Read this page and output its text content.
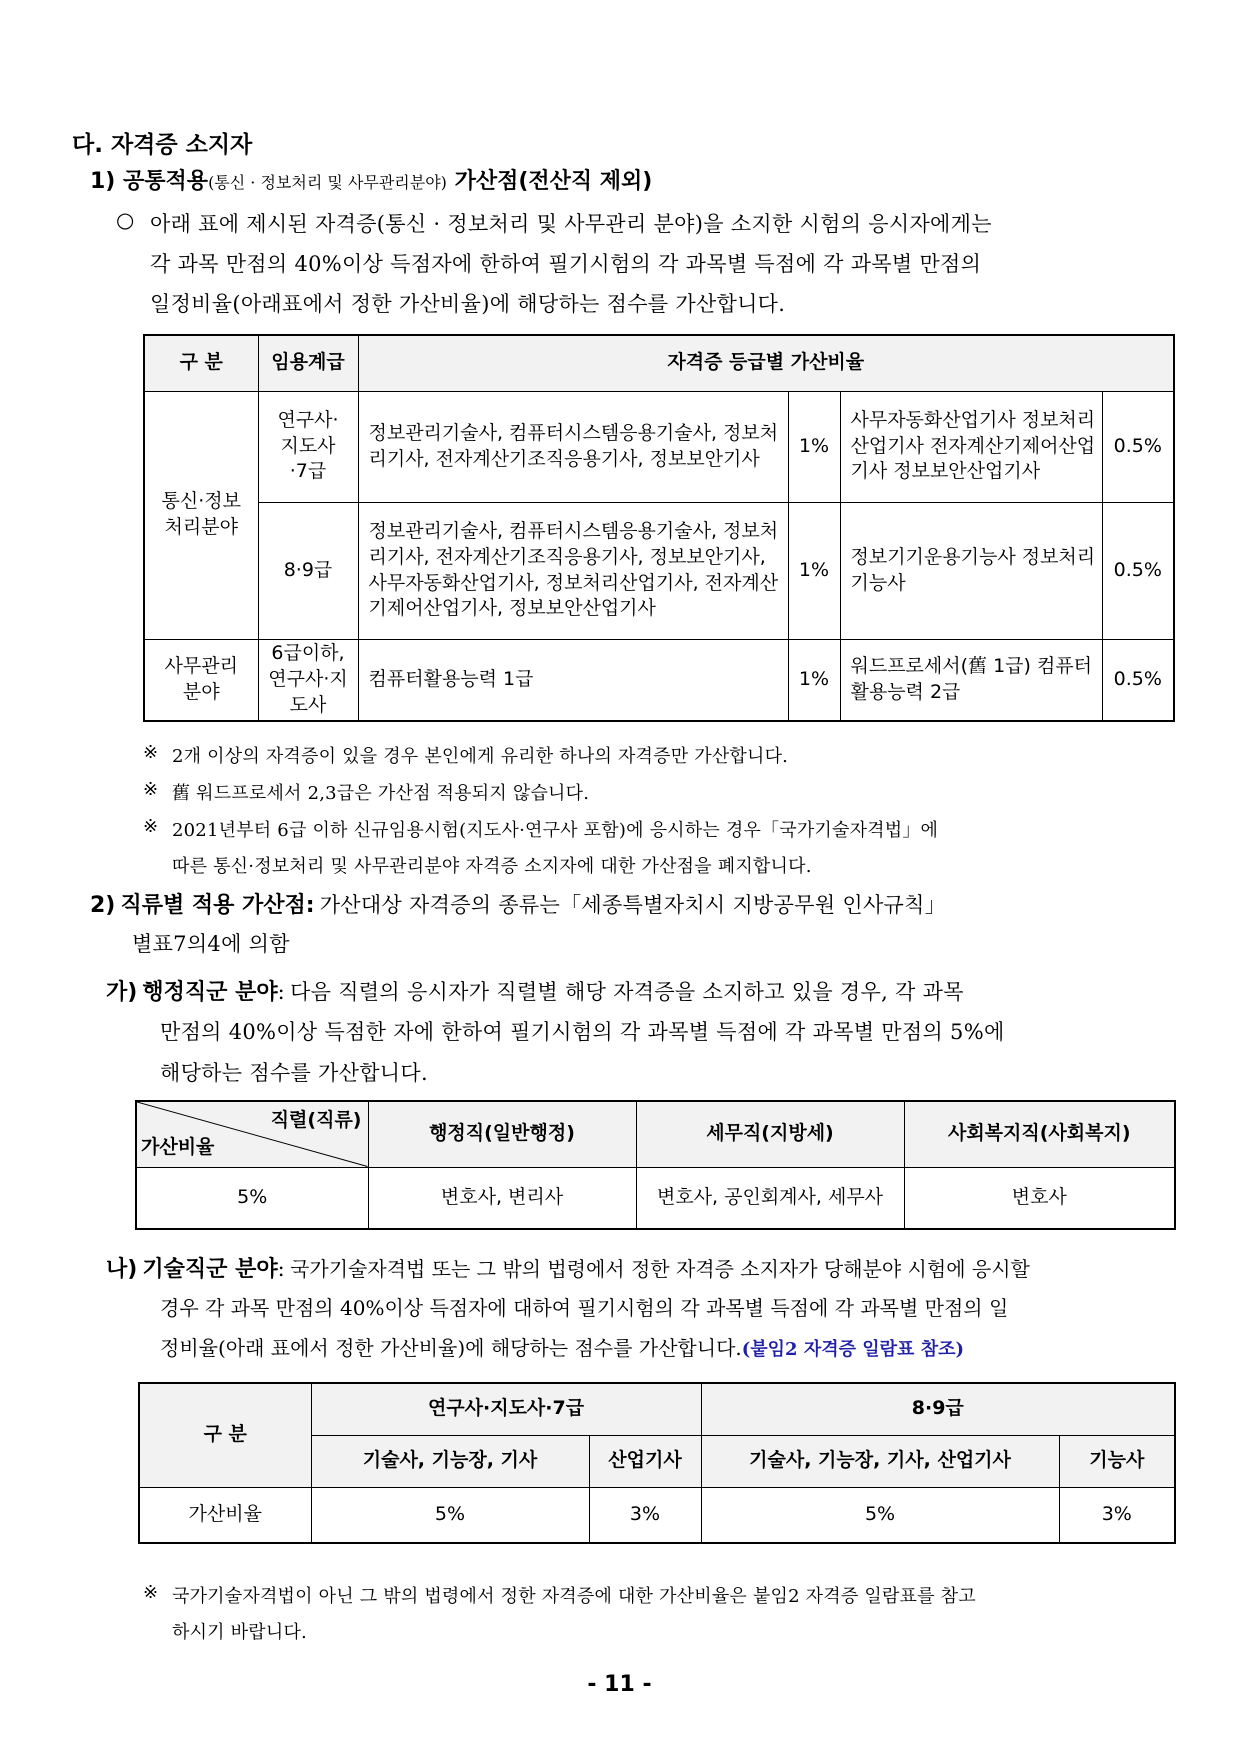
다. 자격증 소지자
1) 공통적용(통신 · 정보처리 및 사무관리분야) 가산점(전산직 제외)
○ 아래 표에 제시된 자격증(통신 · 정보처리 및 사무관리 분야)을 소지한 시험의 응시자에게는
각 과목 만점의 40%이상 득점자에 한하여 필기시험의 각 과목별 득점에 각 과목별 만점의
일정비율(아래표에서 정한 가산비율)에 해당하는 점수를 가산합니다.
구 분	임용계급	자격증 등급별 가산비율			
통신·정보처리분야	연구사·지도사·7급	정보관리기술사, 컴퓨터시스템응용기술사, 정보처리기사, 전자계산기조직응용기사, 정보보안기사	1%	사무자동화산업기사 정보처리산업기사 전자계산기제어산업기사 정보보안산업기사	0.5%
	8·9급	정보관리기술사, 컴퓨터시스템응용기술사, 정보처리기사, 전자계산기조직응용기사, 정보보안기사, 사무자동화산업기사, 정보처리산업기사, 전자계산기제어산업기사, 정보보안산업기사	1%	정보기기운용기능사 정보처리기능사	0.5%
사무관리분야	6급이하, 연구사·지도사	컴퓨터활용능력 1급	1%	워드프로세서(舊 1급) 컴퓨터활용능력 2급	0.5%
※ 2개 이상의 자격증이 있을 경우 본인에게 유리한 하나의 자격증만 가산합니다.
※ 舊 워드프로세서 2,3급은 가산점 적용되지 않습니다.
※ 2021년부터 6급 이하 신규임용시험(지도사·연구사 포함)에 응시하는 경우「국가기술자격법」에
따른 통신·정보처리 및 사무관리분야 자격증 소지자에 대한 가산점을 폐지합니다.
2) 직류별 적용 가산점: 가산대상 자격증의 종류는「세종특별자치시 지방공무원 인사규칙」
별표7의4에 의함
가) 행정직군 분야: 다음 직렬의 응시자가 직렬별 해당 자격증을 소지하고 있을 경우, 각 과목
만점의 40%이상 득점한 자에 한하여 필기시험의 각 과목별 득점에 각 과목별 만점의 5%에
해당하는 점수를 가산합니다.
직렬(직류)
가산비율	행정직(일반행정)	세무직(지방세)	사회복지직(사회복지)
5%	변호사, 변리사	변호사, 공인회계사, 세무사	변호사
나) 기술직군 분야: 국가기술자격법 또는 그 밖의 법령에서 정한 자격증 소지자가 당해분야 시험에 응시할
경우 각 과목 만점의 40%이상 득점자에 대하여 필기시험의 각 과목별 득점에 각 과목별 만점의 일
정비율(아래 표에서 정한 가산비율)에 해당하는 점수를 가산합니다.(붙임2 자격증 일람표 참조)
구 분	연구사·지도사·7급		8·9급	
	기술사, 기능장, 기사	산업기사	기술사, 기능장, 기사, 산업기사	기능사
가산비율	5%	3%	5%	3%
※ 국가기술자격법이 아닌 그 밖의 법령에서 정한 자격증에 대한 가산비율은 붙임2 자격증 일람표를 참고
하시기 바랍니다.
- 11 -
